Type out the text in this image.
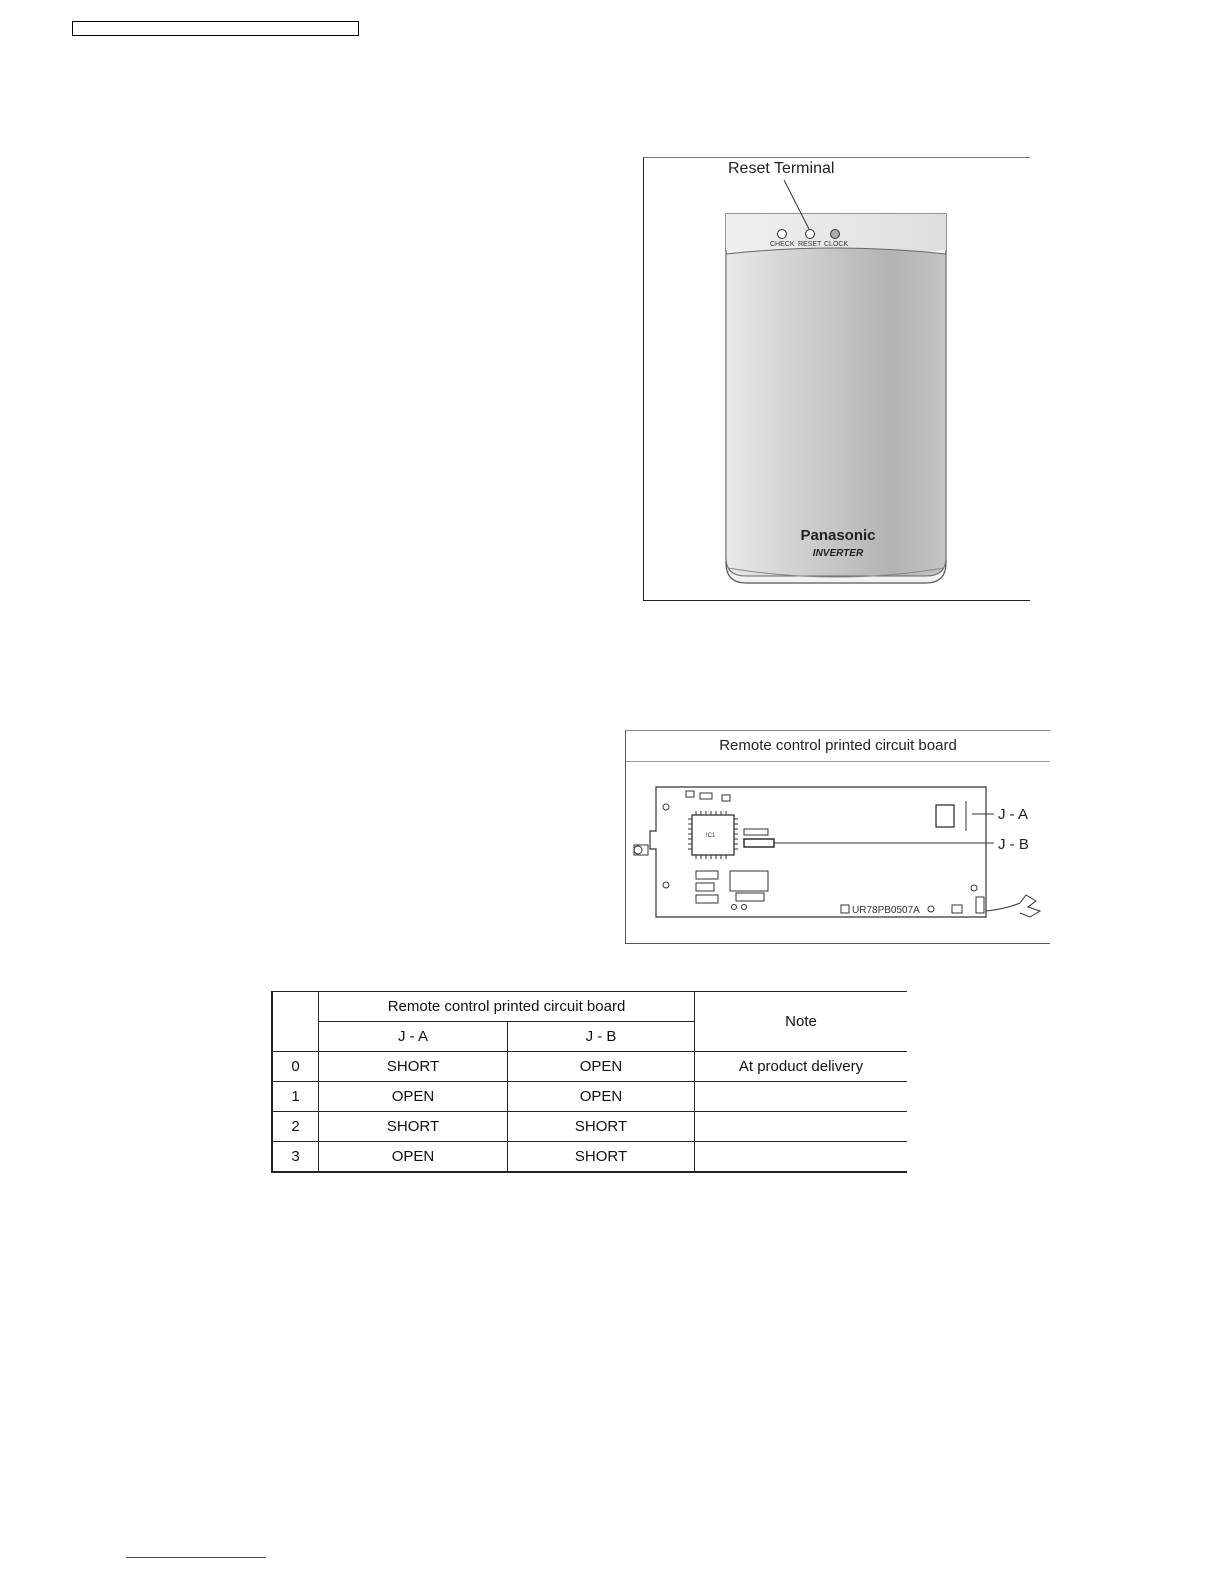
CHECK RESET CLOCK
Panasonic
INVERTER
Reset Terminal
Remote control printed circuit board
IC1
J - A
J - B
UR78PB0507A
	Remote control printed circuit board		Note
	J - A	J - B	
0	SHORT	OPEN	At product delivery
1	OPEN	OPEN	
2	SHORT	SHORT	
3	OPEN	SHORT	
